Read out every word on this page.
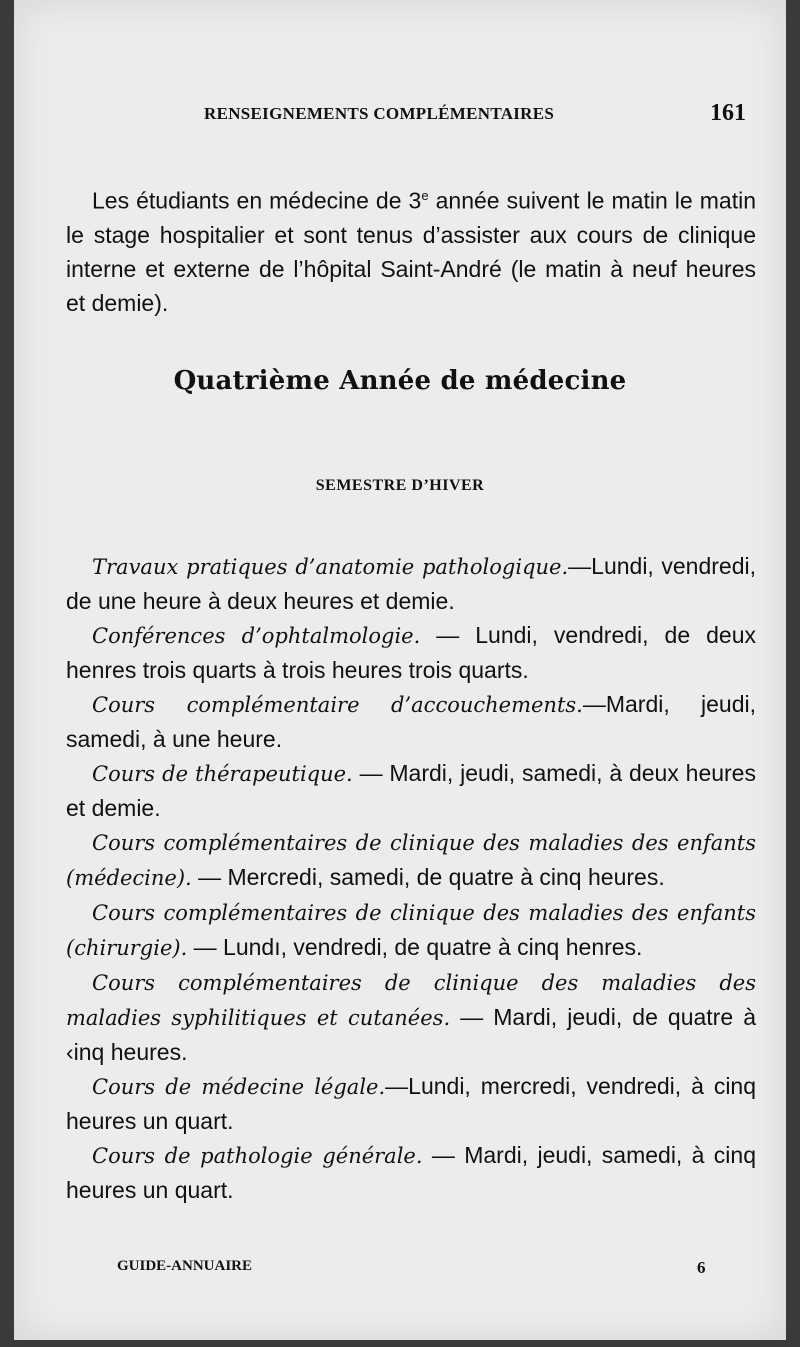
RENSEIGNEMENTS COMPLÉMENTAIRES	161

Les étudiants en médecine de 3e année suivent le matin le matin le stage hospitalier et sont tenus d’assister aux cours de clinique interne et externe de l’hôpital Saint-André (le matin à neuf heures et demie).

Quatrième Année de médecine
SEMESTRE D’HIVER

Travaux pratiques d’anatomie pathologique.—Lundi, vendredi, de une heure à deux heures et demie.

Conférences d’ophtalmologie. — Lundi, vendredi, de deux henres trois quarts à trois heures trois quarts.

Cours complémentaire d’accouchements.—Mardi, jeudi, samedi, à une heure.

Cours de thérapeutique. — Mardi, jeudi, samedi, à deux heures et demie.

Cours complémentaires de clinique des maladies des enfants (médecine). — Mercredi, samedi, de quatre à cinq heures.

Cours complémentaires de clinique des maladies des enfants (chirurgie). — Lundı, vendredi, de quatre à cinq henres.

Cours complémentaires de clinique des maladies des maladies syphilitiques et cutanées. — Mardi, jeudi, de quatre à ‹inq heures.

Cours de médecine légale.—Lundi, mercredi, vendredi, à cinq heures un quart.

Cours de pathologie générale. — Mardi, jeudi, samedi, à cinq heures un quart.

GUIDE-ANNUAIRE	6
